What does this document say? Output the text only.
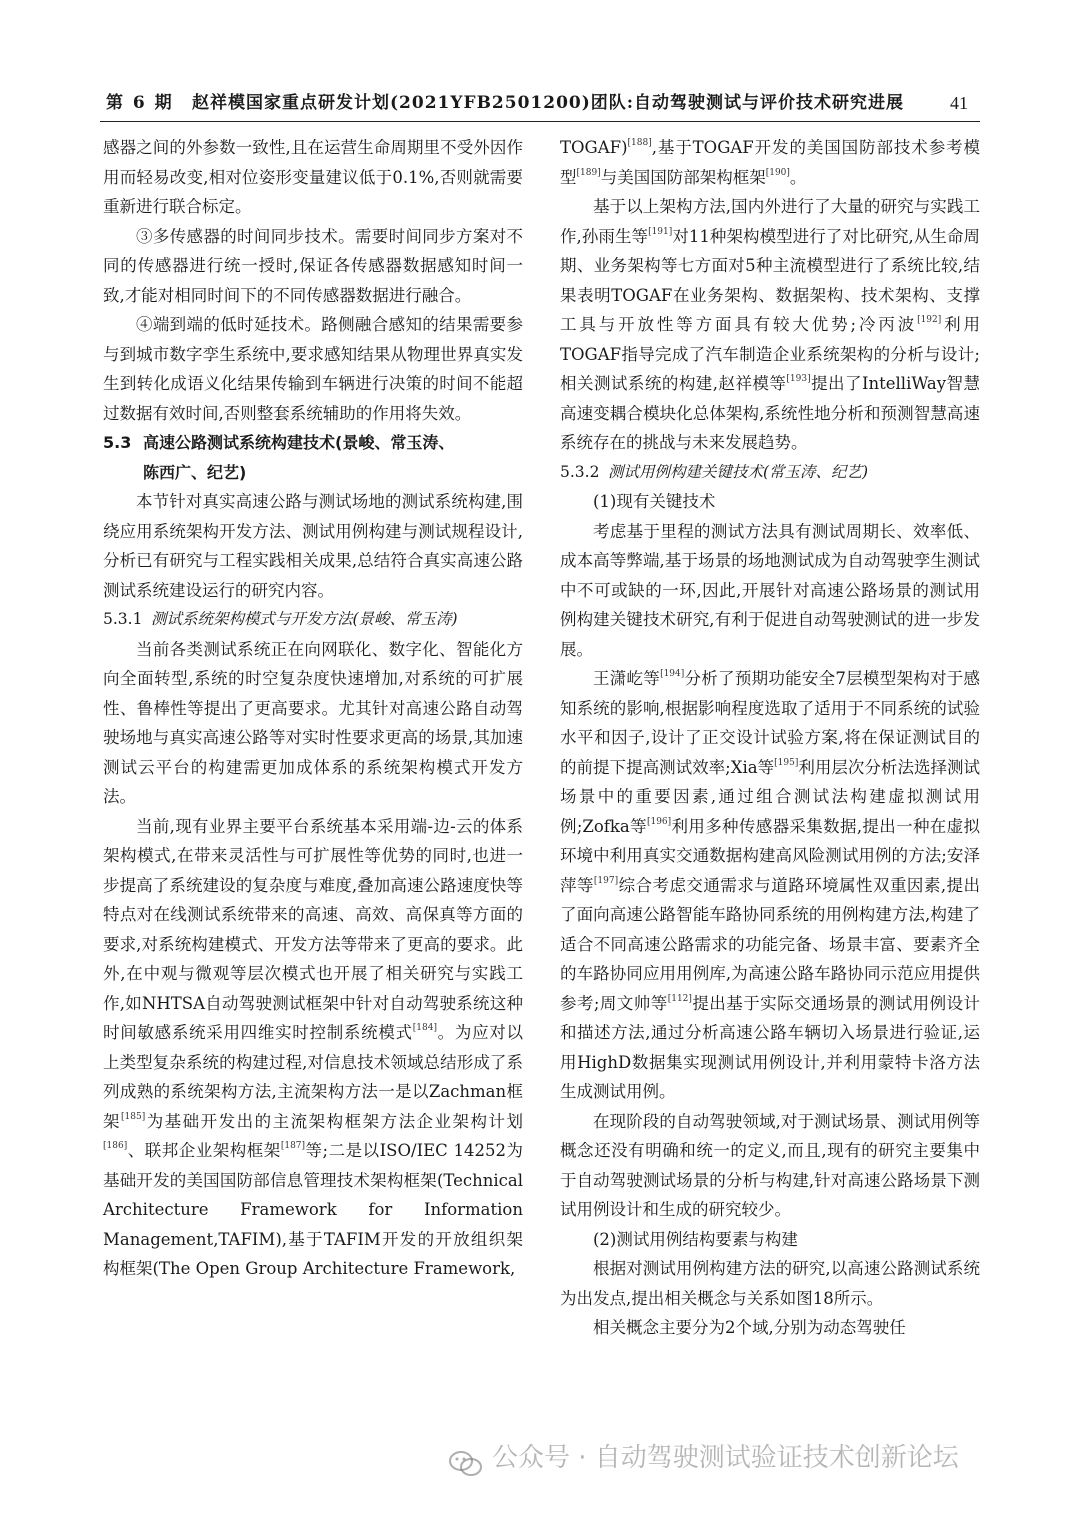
第 6 期 赵祥模国家重点研发计划(2021YFB2501200)团队:自动驾驶测试与评价技术研究进展	41

感器之间的外参数一致性,且在运营生命周期里不受外因作用而轻易改变,相对位姿形变量建议低于0.1%,否则就需要重新进行联合标定。

③多传感器的时间同步技术。需要时间同步方案对不同的传感器进行统一授时,保证各传感器数据感知时间一致,才能对相同时间下的不同传感器数据进行融合。

④端到端的低时延技术。路侧融合感知的结果需要参与到城市数字孪生系统中,要求感知结果从物理世界真实发生到转化成语义化结果传输到车辆进行决策的时间不能超过数据有效时间,否则整套系统辅助的作用将失效。

5.3 高速公路测试系统构建技术(景峻、常玉涛、
陈西广、纪艺)

本节针对真实高速公路与测试场地的测试系统构建,围绕应用系统架构开发方法、测试用例构建与测试规程设计,分析已有研究与工程实践相关成果,总结符合真实高速公路测试系统建设运行的研究内容。

5.3.1 测试系统架构模式与开发方法(景峻、常玉涛)

当前各类测试系统正在向网联化、数字化、智能化方向全面转型,系统的时空复杂度快速增加,对系统的可扩展性、鲁棒性等提出了更高要求。尤其针对高速公路自动驾驶场地与真实高速公路等对实时性要求更高的场景,其加速测试云平台的构建需更加成体系的系统架构模式开发方法。

当前,现有业界主要平台系统基本采用端-边-云的体系架构模式,在带来灵活性与可扩展性等优势的同时,也进一步提高了系统建设的复杂度与难度,叠加高速公路速度快等特点对在线测试系统带来的高速、高效、高保真等方面的要求,对系统构建模式、开发方法等带来了更高的要求。此外,在中观与微观等层次模式也开展了相关研究与实践工作,如NHTSA自动驾驶测试框架中针对自动驾驶系统这种时间敏感系统采用四维实时控制系统模式[184]。为应对以上类型复杂系统的构建过程,对信息技术领域总结形成了系列成熟的系统架构方法,主流架构方法一是以Zachman框架[185]为基础开发出的主流架构框架方法企业架构计划[186]、联邦企业架构框架[187]等;二是以ISO/IEC 14252为基础开发的美国国防部信息管理技术架构框架(Technical Architecture Framework for Information Management,TAFIM),基于TAFIM开发的开放组织架构框架(The Open Group Architecture Framework,

TOGAF)[188],基于TOGAF开发的美国国防部技术参考模型[189]与美国国防部架构框架[190]。

基于以上架构方法,国内外进行了大量的研究与实践工作,孙雨生等[191]对11种架构模型进行了对比研究,从生命周期、业务架构等七方面对5种主流模型进行了系统比较,结果表明TOGAF在业务架构、数据架构、技术架构、支撑工具与开放性等方面具有较大优势;冷丙波[192]利用TOGAF指导完成了汽车制造企业系统架构的分析与设计;相关测试系统的构建,赵祥模等[193]提出了IntelliWay智慧高速变耦合模块化总体架构,系统性地分析和预测智慧高速系统存在的挑战与未来发展趋势。

5.3.2 测试用例构建关键技术(常玉涛、纪艺)

(1)现有关键技术

考虑基于里程的测试方法具有测试周期长、效率低、成本高等弊端,基于场景的场地测试成为自动驾驶孪生测试中不可或缺的一环,因此,开展针对高速公路场景的测试用例构建关键技术研究,有利于促进自动驾驶测试的进一步发展。

王潇屹等[194]分析了预期功能安全7层模型架构对于感知系统的影响,根据影响程度选取了适用于不同系统的试验水平和因子,设计了正交设计试验方案,将在保证测试目的的前提下提高测试效率;Xia等[195]利用层次分析法选择测试场景中的重要因素,通过组合测试法构建虚拟测试用例;Zofka等[196]利用多种传感器采集数据,提出一种在虚拟环境中利用真实交通数据构建高风险测试用例的方法;安泽萍等[197]综合考虑交通需求与道路环境属性双重因素,提出了面向高速公路智能车路协同系统的用例构建方法,构建了适合不同高速公路需求的功能完备、场景丰富、要素齐全的车路协同应用用例库,为高速公路车路协同示范应用提供参考;周文帅等[112]提出基于实际交通场景的测试用例设计和描述方法,通过分析高速公路车辆切入场景进行验证,运用HighD数据集实现测试用例设计,并利用蒙特卡洛方法生成测试用例。

在现阶段的自动驾驶领域,对于测试场景、测试用例等概念还没有明确和统一的定义,而且,现有的研究主要集中于自动驾驶测试场景的分析与构建,针对高速公路场景下测试用例设计和生成的研究较少。

(2)测试用例结构要素与构建

根据对测试用例构建方法的研究,以高速公路测试系统为出发点,提出相关概念与关系如图18所示。

相关概念主要分为2个域,分别为动态驾驶任

公众号 · 自动驾驶测试验证技术创新论坛
